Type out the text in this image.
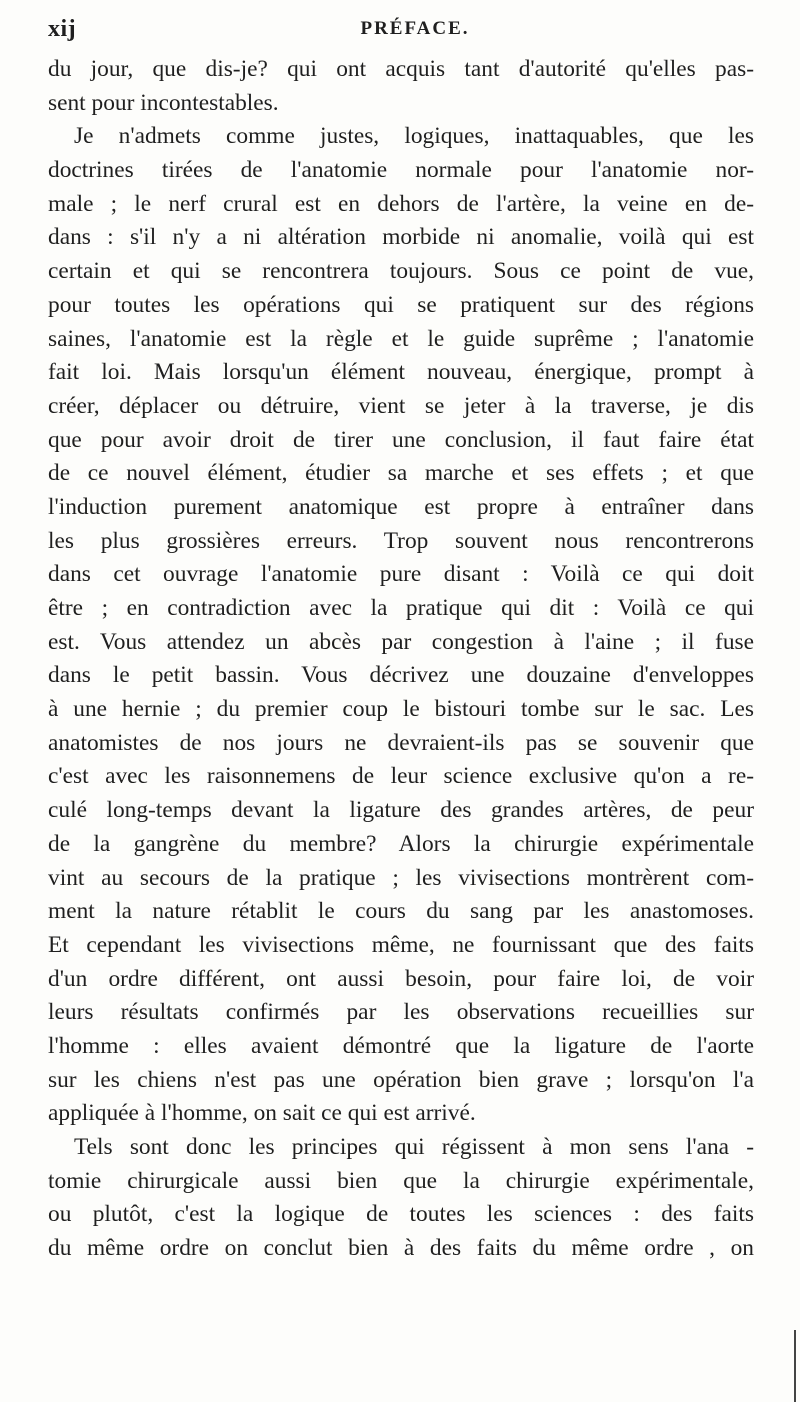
xij	PRÉFACE.
du jour, que dis-je? qui ont acquis tant d'autorité qu'elles pas-
sent pour incontestables.
Je n'admets comme justes, logiques, inattaquables, que les
doctrines tirées de l'anatomie normale pour l'anatomie nor-
male ; le nerf crural est en dehors de l'artère, la veine en de-
dans : s'il n'y a ni altération morbide ni anomalie, voilà qui est
certain et qui se rencontrera toujours. Sous ce point de vue,
pour toutes les opérations qui se pratiquent sur des régions
saines, l'anatomie est la règle et le guide suprême ; l'anatomie
fait loi. Mais lorsqu'un élément nouveau, énergique, prompt à
créer, déplacer ou détruire, vient se jeter à la traverse, je dis
que pour avoir droit de tirer une conclusion, il faut faire état
de ce nouvel élément, étudier sa marche et ses effets ; et que
l'induction purement anatomique est propre à entraîner dans
les plus grossières erreurs. Trop souvent nous rencontrerons
dans cet ouvrage l'anatomie pure disant : Voilà ce qui doit
être ; en contradiction avec la pratique qui dit : Voilà ce qui
est. Vous attendez un abcès par congestion à l'aine ; il fuse
dans le petit bassin. Vous décrivez une douzaine d'enveloppes
à une hernie ; du premier coup le bistouri tombe sur le sac. Les
anatomistes de nos jours ne devraient-ils pas se souvenir que
c'est avec les raisonnemens de leur science exclusive qu'on a re-
culé long-temps devant la ligature des grandes artères, de peur
de la gangrène du membre? Alors la chirurgie expérimentale
vint au secours de la pratique ; les vivisections montrèrent com-
ment la nature rétablit le cours du sang par les anastomoses.
Et cependant les vivisections même, ne fournissant que des faits
d'un ordre différent, ont aussi besoin, pour faire loi, de voir
leurs résultats confirmés par les observations recueillies sur
l'homme : elles avaient démontré que la ligature de l'aorte
sur les chiens n'est pas une opération bien grave ; lorsqu'on l'a
appliquée à l'homme, on sait ce qui est arrivé.
Tels sont donc les principes qui régissent à mon sens l'ana -
tomie chirurgicale aussi bien que la chirurgie expérimentale,
ou plutôt, c'est la logique de toutes les sciences : des faits
du même ordre on conclut bien à des faits du même ordre , on
